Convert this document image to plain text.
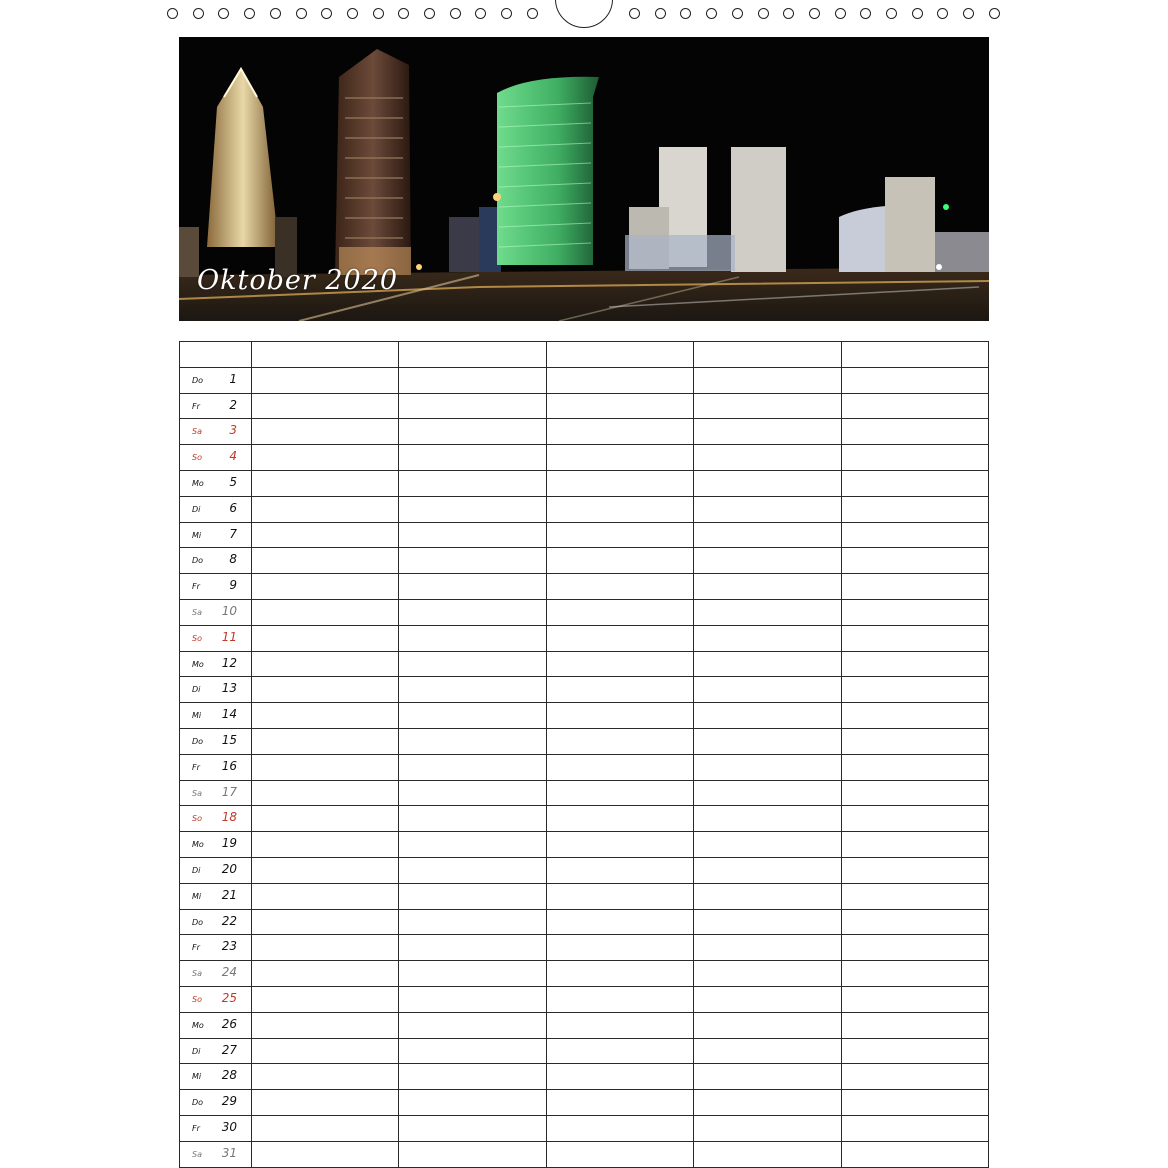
Oktober 2020

Do 1					

Fr 2					

Sa 3					

So 4					

Mo 5					

Di 6					

Mi 7					

Do 8					

Fr 9					

Sa 10					

So 11					

Mo 12					

Di 13					

Mi 14					

Do 15					

Fr 16					

Sa 17					

So 18					

Mo 19					

Di 20					

Mi 21					

Do 22					

Fr 23					

Sa 24					

So 25					

Mo 26					

Di 27					

Mi 28					

Do 29					

Fr 30					

Sa 31					
